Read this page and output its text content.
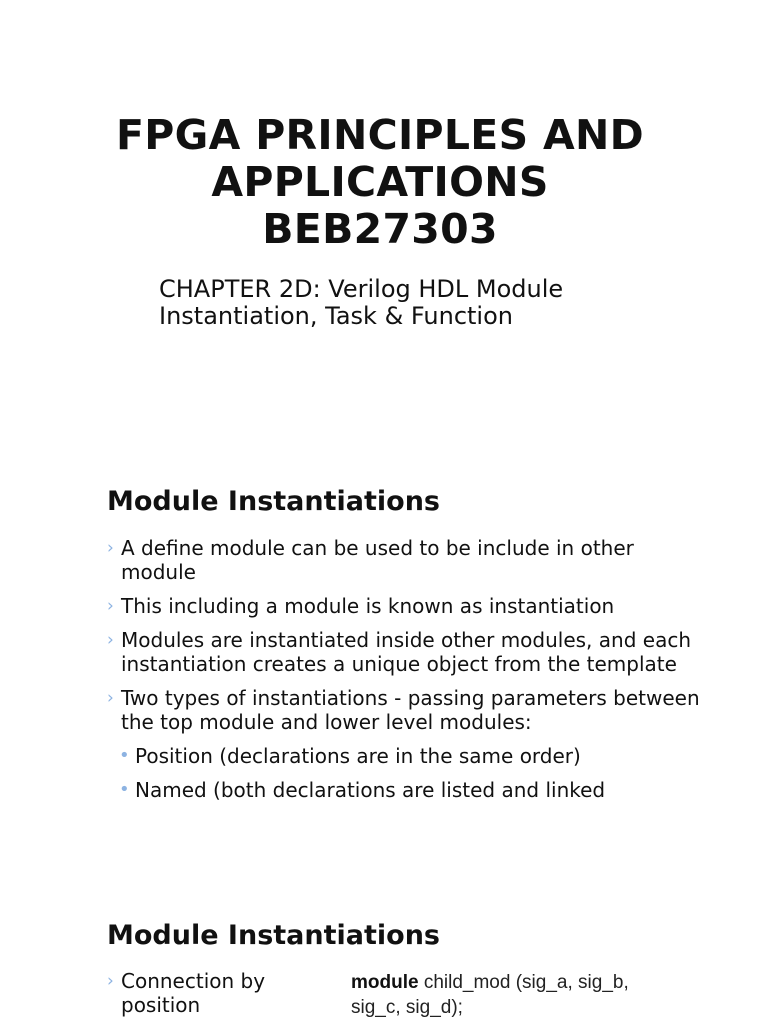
FPGA PRINCIPLES AND
APPLICATIONS
BEB27303
CHAPTER 2D: Verilog HDL Module
Instantiation, Task & Function
Module Instantiations
› A define module can be used to be include in other module
› This including a module is known as instantiation
› Modules are instantiated inside other modules, and each instantiation creates a unique object from the template
› Two types of instantiations - passing parameters between the top module and lower level modules:
• Position (declarations are in the same order)
• Named (both declarations are listed and linked
Module Instantiations
› Connection by position
module child_mod (sig_a, sig_b,
sig_c, sig_d);
